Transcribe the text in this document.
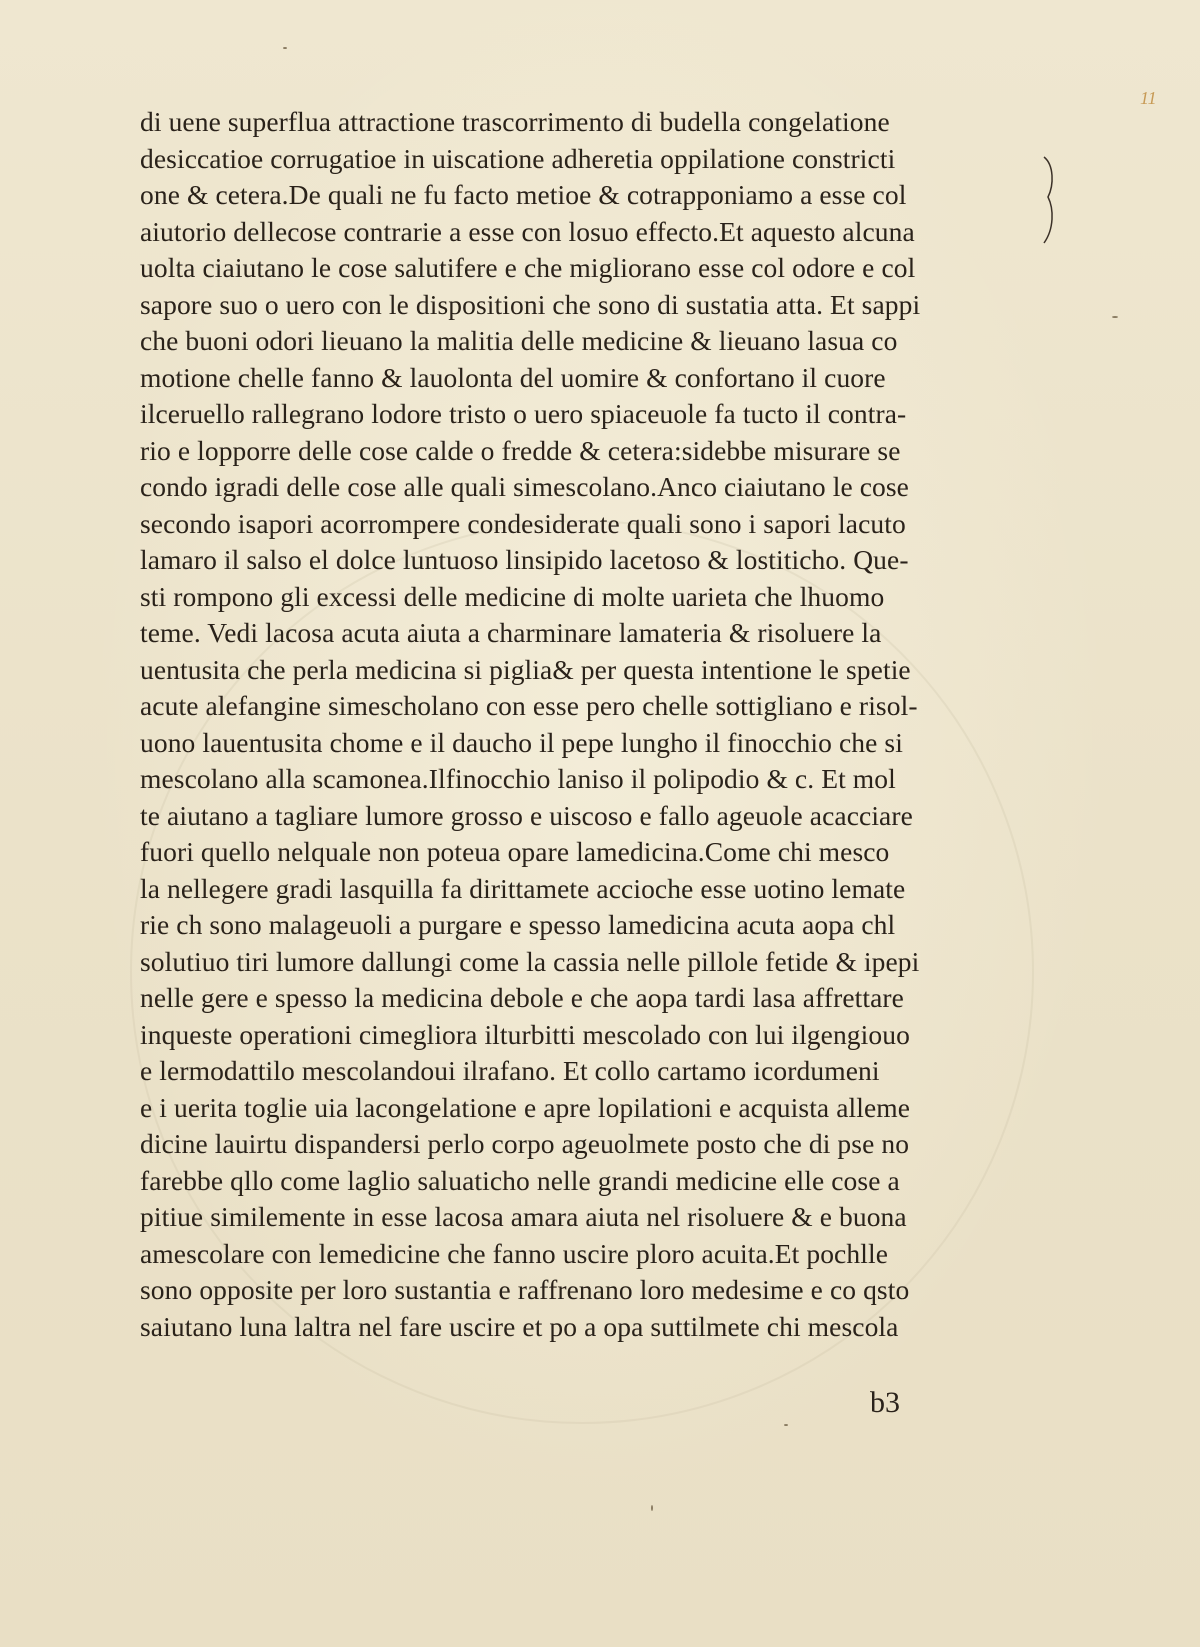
11
di uene superflua attractione trascorrimento di budella congelatione
desiccatioe corrugatioe in uiscatione adheretia oppilatione constricti
one & cetera.De quali ne fu facto metioe & cotrapponiamo a esse col
aiutorio dellecose contrarie a esse con losuo effecto.Et aquesto alcuna
uolta ciaiutano le cose salutifere e che migliorano esse col odore e col
sapore suo o uero con le dispositioni che sono di sustatia atta. Et sappi
che buoni odori lieuano la malitia delle medicine & lieuano lasua co
motione chelle fanno & lauolonta del uomire & confortano il cuore
ilceruello rallegrano lodore tristo o uero spiaceuole fa tucto il contra-
rio e lopporre delle cose calde o fredde & cetera:sidebbe misurare se
condo igradi delle cose alle quali simescolano.Anco ciaiutano le cose
secondo isapori acorrompere condesiderate quali sono i sapori lacuto
lamaro il salso el dolce luntuoso linsipido lacetoso & lostiticho. Que-
sti rompono gli excessi delle medicine di molte uarieta che lhuomo
teme. Vedi lacosa acuta aiuta a charminare lamateria & risoluere la
uentusita che perla medicina si piglia& per questa intentione le spetie
acute alefangine simescholano con esse pero chelle sottigliano e risol-
uono lauentusita chome e il daucho il pepe lungho il finocchio che si
mescolano alla scamonea.Ilfinocchio laniso il polipodio & c. Et mol
te aiutano a tagliare lumore grosso e uiscoso e fallo ageuole acacciare
fuori quello nelquale non poteua opare lamedicina.Come chi mesco
la nellegere gradi lasquilla fa dirittamete accioche esse uotino lemate
rie ch sono malageuoli a purgare e spesso lamedicina acuta aopa chl
solutiuo tiri lumore dallungi come la cassia nelle pillole fetide & ipepi
nelle gere e spesso la medicina debole e che aopa tardi lasa affrettare
inqueste operationi cimegliora ilturbitti mescolado con lui ilgengiouo
e lermodattilo mescolandoui ilrafano. Et collo cartamo icordumeni
e i uerita toglie uia lacongelatione e apre lopilationi e acquista alleme
dicine lauirtu dispandersi perlo corpo ageuolmete posto che di pse no
farebbe qllo come laglio saluaticho nelle grandi medicine elle cose a
pitiue similemente in esse lacosa amara aiuta nel risoluere & e buona
amescolare con lemedicine che fanno uscire ploro acuita.Et pochlle
sono opposite per loro sustantia e raffrenano loro medesime e co qsto
saiutano luna laltra nel fare uscire et po a opa suttilmete chi mescola
b3
